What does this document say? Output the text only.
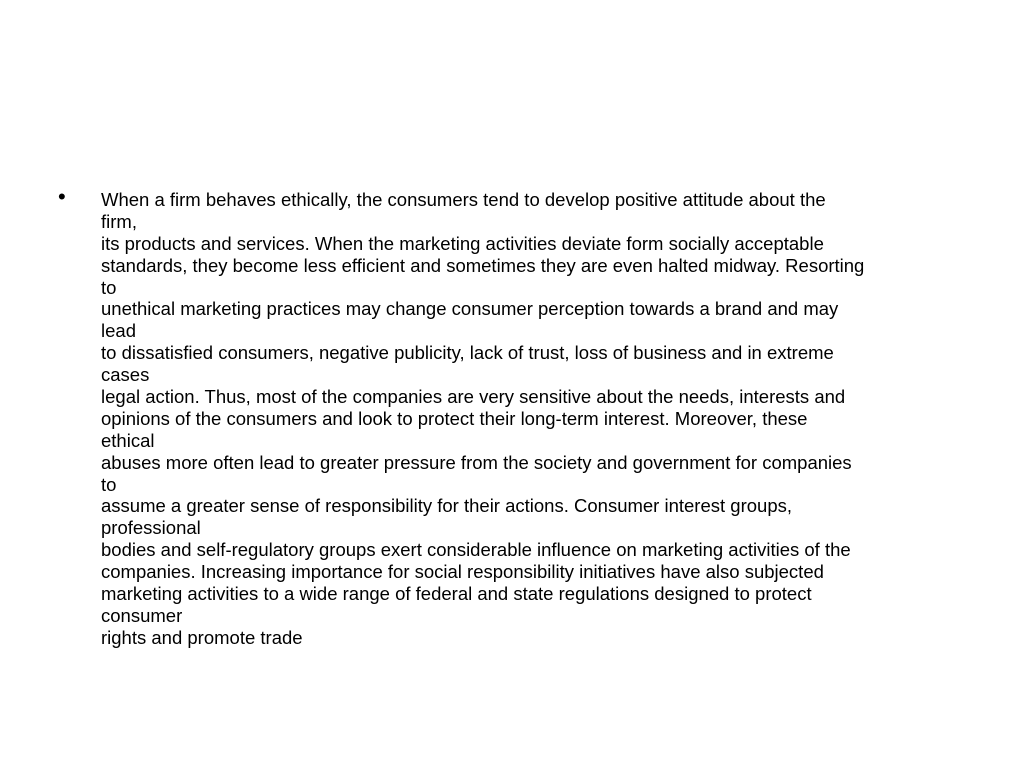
• When a firm behaves ethically, the consumers tend to develop positive attitude about the
firm,
its products and services. When the marketing activities deviate form socially acceptable
standards, they become less efficient and sometimes they are even halted midway. Resorting
to
unethical marketing practices may change consumer perception towards a brand and may
lead
to dissatisfied consumers, negative publicity, lack of trust, loss of business and in extreme
cases
legal action. Thus, most of the companies are very sensitive about the needs, interests and
opinions of the consumers and look to protect their long-term interest. Moreover, these
ethical
abuses more often lead to greater pressure from the society and government for companies
to
assume a greater sense of responsibility for their actions. Consumer interest groups,
professional
bodies and self-regulatory groups exert considerable influence on marketing activities of the
companies. Increasing importance for social responsibility initiatives have also subjected
marketing activities to a wide range of federal and state regulations designed to protect
consumer
rights and promote trade
